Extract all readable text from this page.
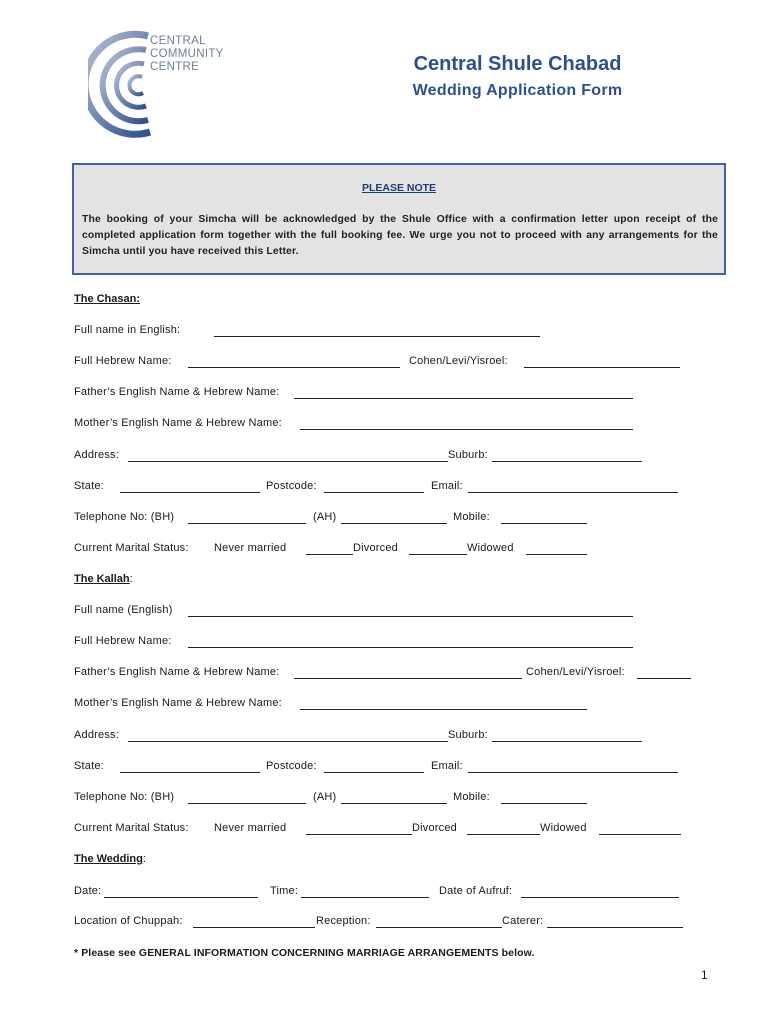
CENTRAL
COMMUNITY
CENTRE	Central Shule Chabad
Wedding Application Form
PLEASE NOTE
The booking of your Simcha will be acknowledged by the Shule Office with a confirmation letter upon receipt of the completed application form together with the full booking fee. We urge you not to proceed with any arrangements for the Simcha until you have received this Letter.
The Chasan:
Full name in English:
Full Hebrew Name:	Cohen/Levi/Yisroel:
Father’s English Name & Hebrew Name:
Mother’s English Name & Hebrew Name:
Address:	Suburb:
State:	Postcode:	Email:
Telephone No: (BH)	(AH)	Mobile:
Current Marital Status: Never married	Divorced	Widowed
The Kallah:
Full name (English)
Full Hebrew Name:
Father’s English Name & Hebrew Name:	Cohen/Levi/Yisroel:
Mother’s English Name & Hebrew Name:
Address:	Suburb:
State:	Postcode:	Email:
Telephone No: (BH)	(AH)	Mobile:
Current Marital Status: Never married	Divorced	Widowed
The Wedding:
Date:	Time:	Date of Aufruf:
Location of Chuppah:	Reception:	Caterer:
* Please see GENERAL INFORMATION CONCERNING MARRIAGE ARRANGEMENTS below.
1
